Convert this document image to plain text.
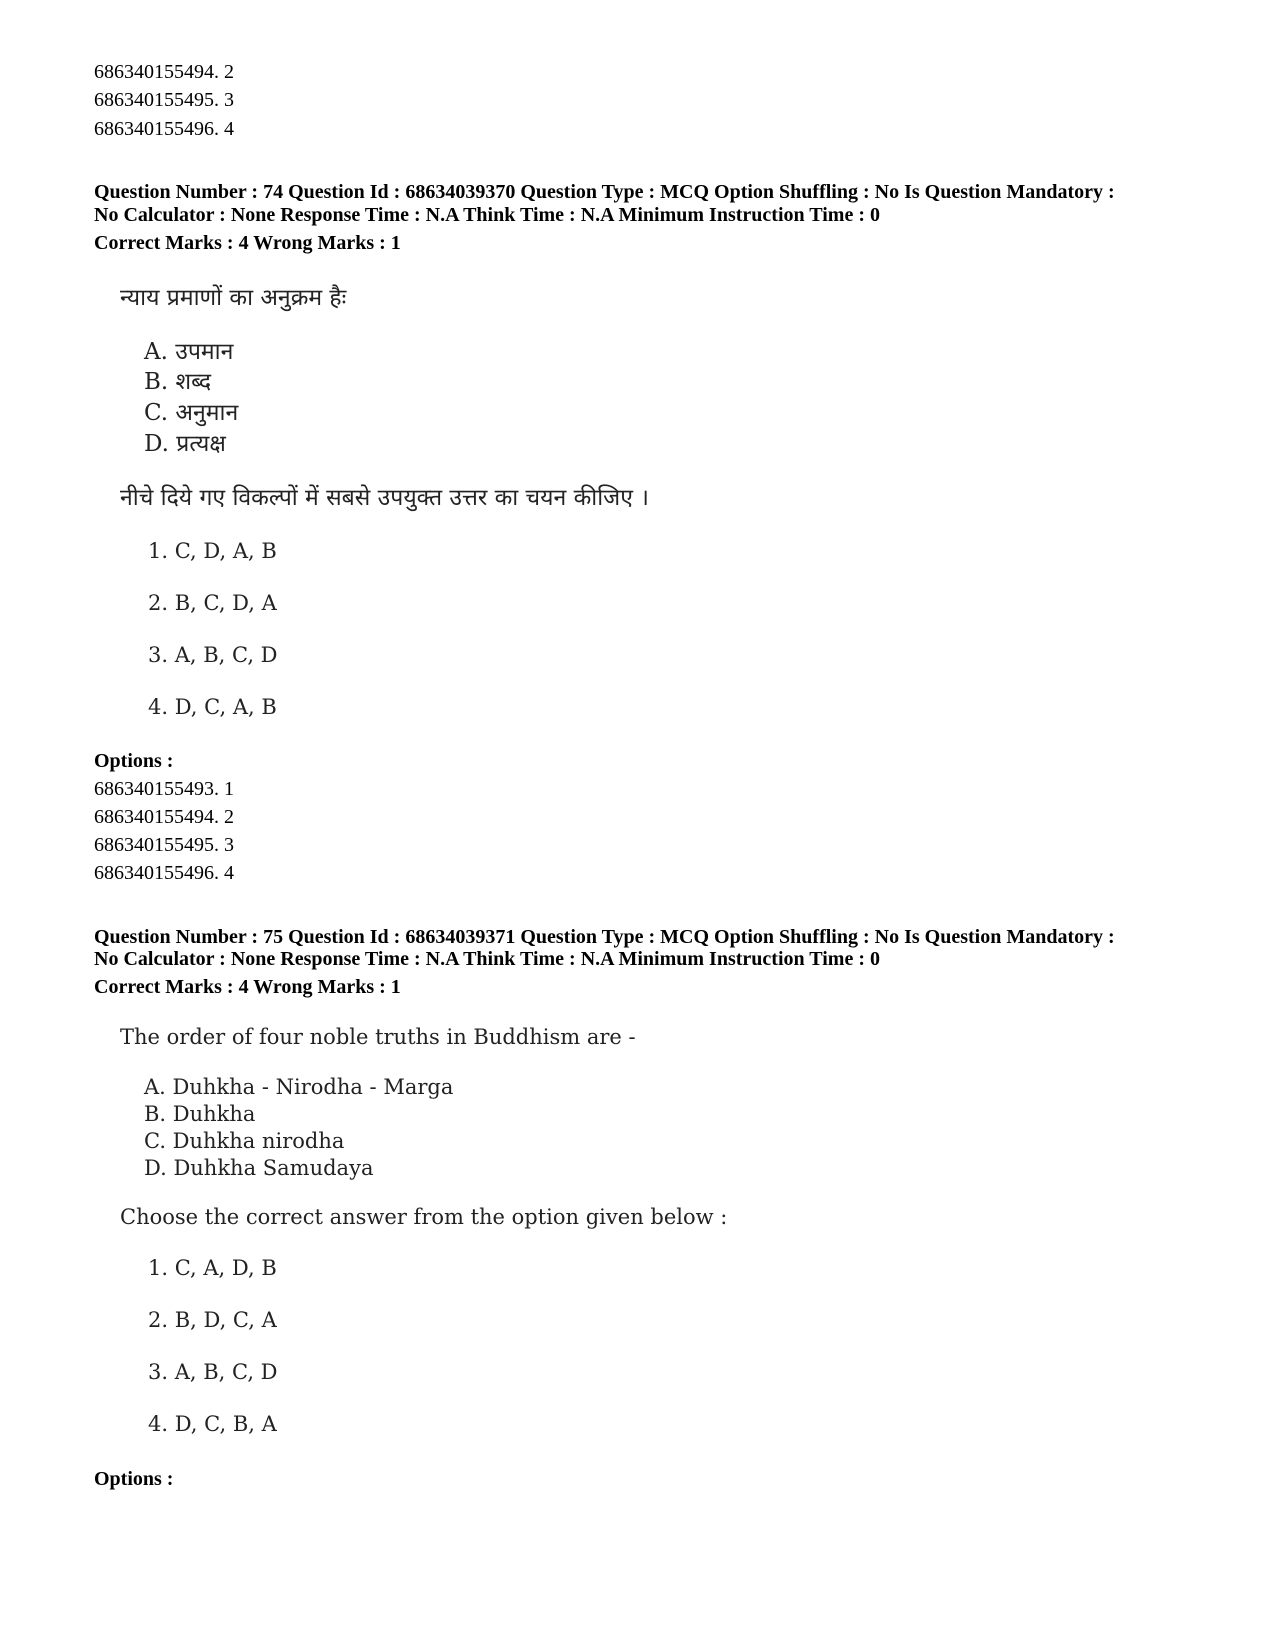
686340155494. 2
686340155495. 3
686340155496. 4
Question Number : 74 Question Id : 68634039370 Question Type : MCQ Option Shuffling : No Is Question Mandatory :
No Calculator : None Response Time : N.A Think Time : N.A Minimum Instruction Time : 0
Correct Marks : 4 Wrong Marks : 1
न्याय प्रमाणों का अनुक्रम हैः
A. उपमान
B. शब्द
C. अनुमान
D. प्रत्यक्ष
नीचे दिये गए विकल्पों में सबसे उपयुक्त उत्तर का चयन कीजिए ।
1. C, D, A, B
2. B, C, D, A
3. A, B, C, D
4. D, C, A, B
Options :
686340155493. 1
686340155494. 2
686340155495. 3
686340155496. 4
Question Number : 75 Question Id : 68634039371 Question Type : MCQ Option Shuffling : No Is Question Mandatory :
No Calculator : None Response Time : N.A Think Time : N.A Minimum Instruction Time : 0
Correct Marks : 4 Wrong Marks : 1
The order of four noble truths in Buddhism are -
A. Duhkha - Nirodha - Marga
B. Duhkha
C. Duhkha nirodha
D. Duhkha Samudaya
Choose the correct answer from the option given below :
1. C, A, D, B
2. B, D, C, A
3. A, B, C, D
4. D, C, B, A
Options :
